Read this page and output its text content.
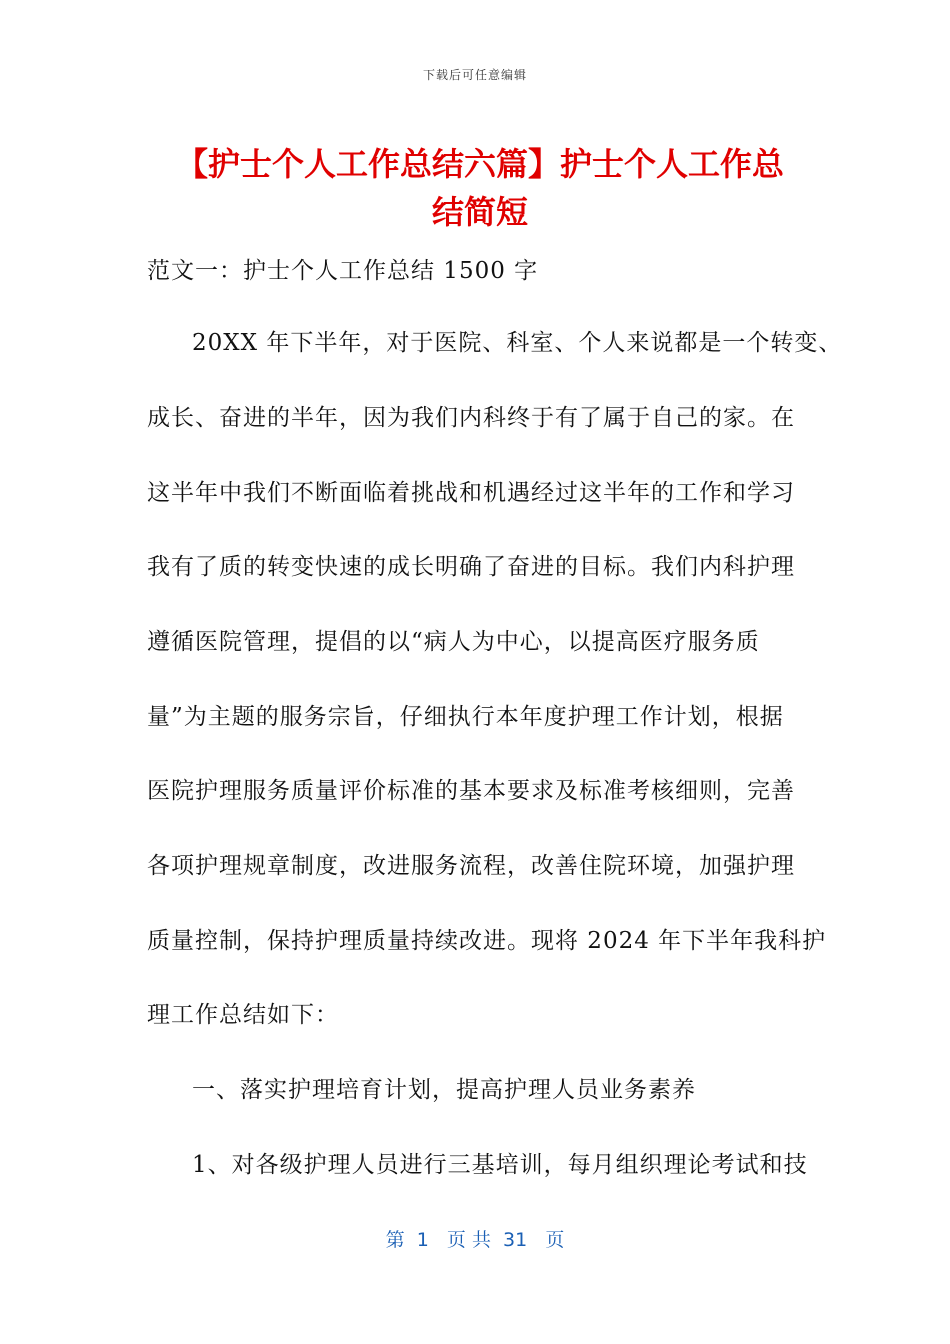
下载后可任意编辑
【护士个人工作总结六篇】护士个人工作总
结简短
范文一：护士个人工作总结 1500 字
20XX 年下半年，对于医院、科室、个人来说都是一个转变、
成长、奋进的半年，因为我们内科终于有了属于自己的家。在
这半年中我们不断面临着挑战和机遇经过这半年的工作和学习
我有了质的转变快速的成长明确了奋进的目标。我们内科护理
遵循医院管理，提倡的以“病人为中心，以提高医疗服务质
量”为主题的服务宗旨，仔细执行本年度护理工作计划，根据
医院护理服务质量评价标准的基本要求及标准考核细则，完善
各项护理规章制度，改进服务流程，改善住院环境，加强护理
质量控制，保持护理质量持续改进。现将 2024 年下半年我科护
理工作总结如下：
一、落实护理培育计划，提高护理人员业务素养
1、对各级护理人员进行三基培训，每月组织理论考试和技
第  1   页 共  31   页
